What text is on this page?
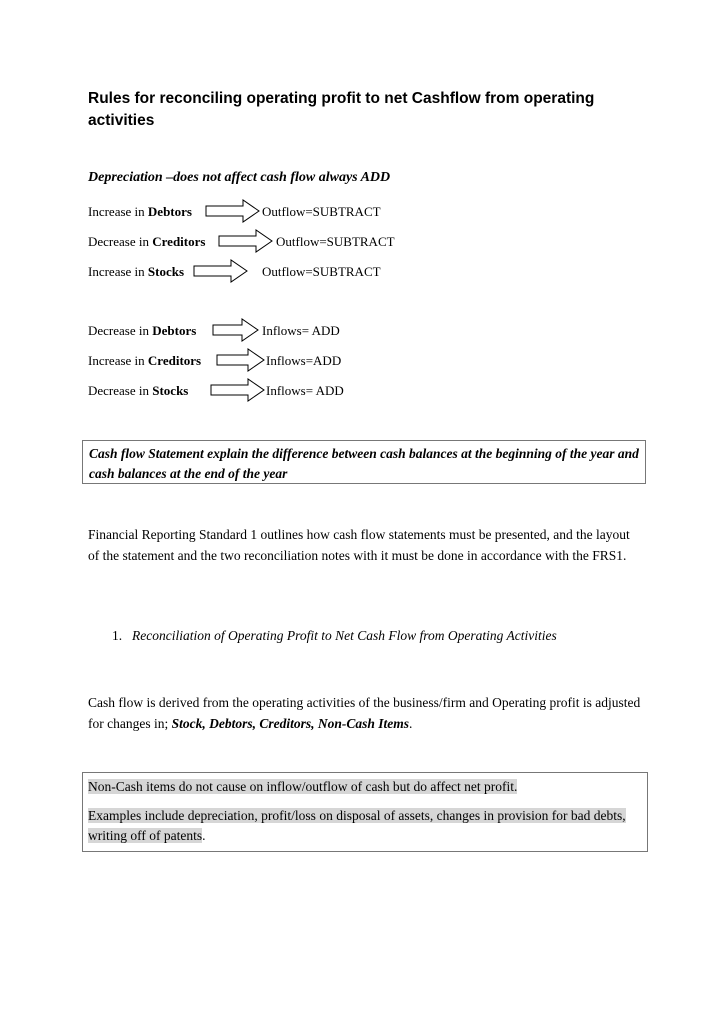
Rules for reconciling operating profit to net Cashflow from operating activities
Depreciation –does not affect cash flow always ADD
Increase in Debtors	Outflow=SUBTRACT
Decrease in Creditors	Outflow=SUBTRACT
Increase in Stocks	Outflow=SUBTRACT
Decrease in Debtors	Inflows= ADD
Increase in Creditors	Inflows=ADD
Decrease in Stocks	Inflows= ADD
Cash flow Statement explain the difference between cash balances at the beginning of the year and cash balances at the end of the year
Financial Reporting Standard 1 outlines how cash flow statements must be presented, and the layout of the statement and the two reconciliation notes with it must be done in accordance with the FRS1.
1. Reconciliation of Operating Profit to Net Cash Flow from Operating Activities
Cash flow is derived from the operating activities of the business/firm and Operating profit is adjusted for changes in; Stock, Debtors, Creditors, Non-Cash Items.

Non-Cash items do not cause on inflow/outflow of cash but do affect net profit.

Examples include depreciation, profit/loss on disposal of assets, changes in provision for bad debts, writing off of patents.
